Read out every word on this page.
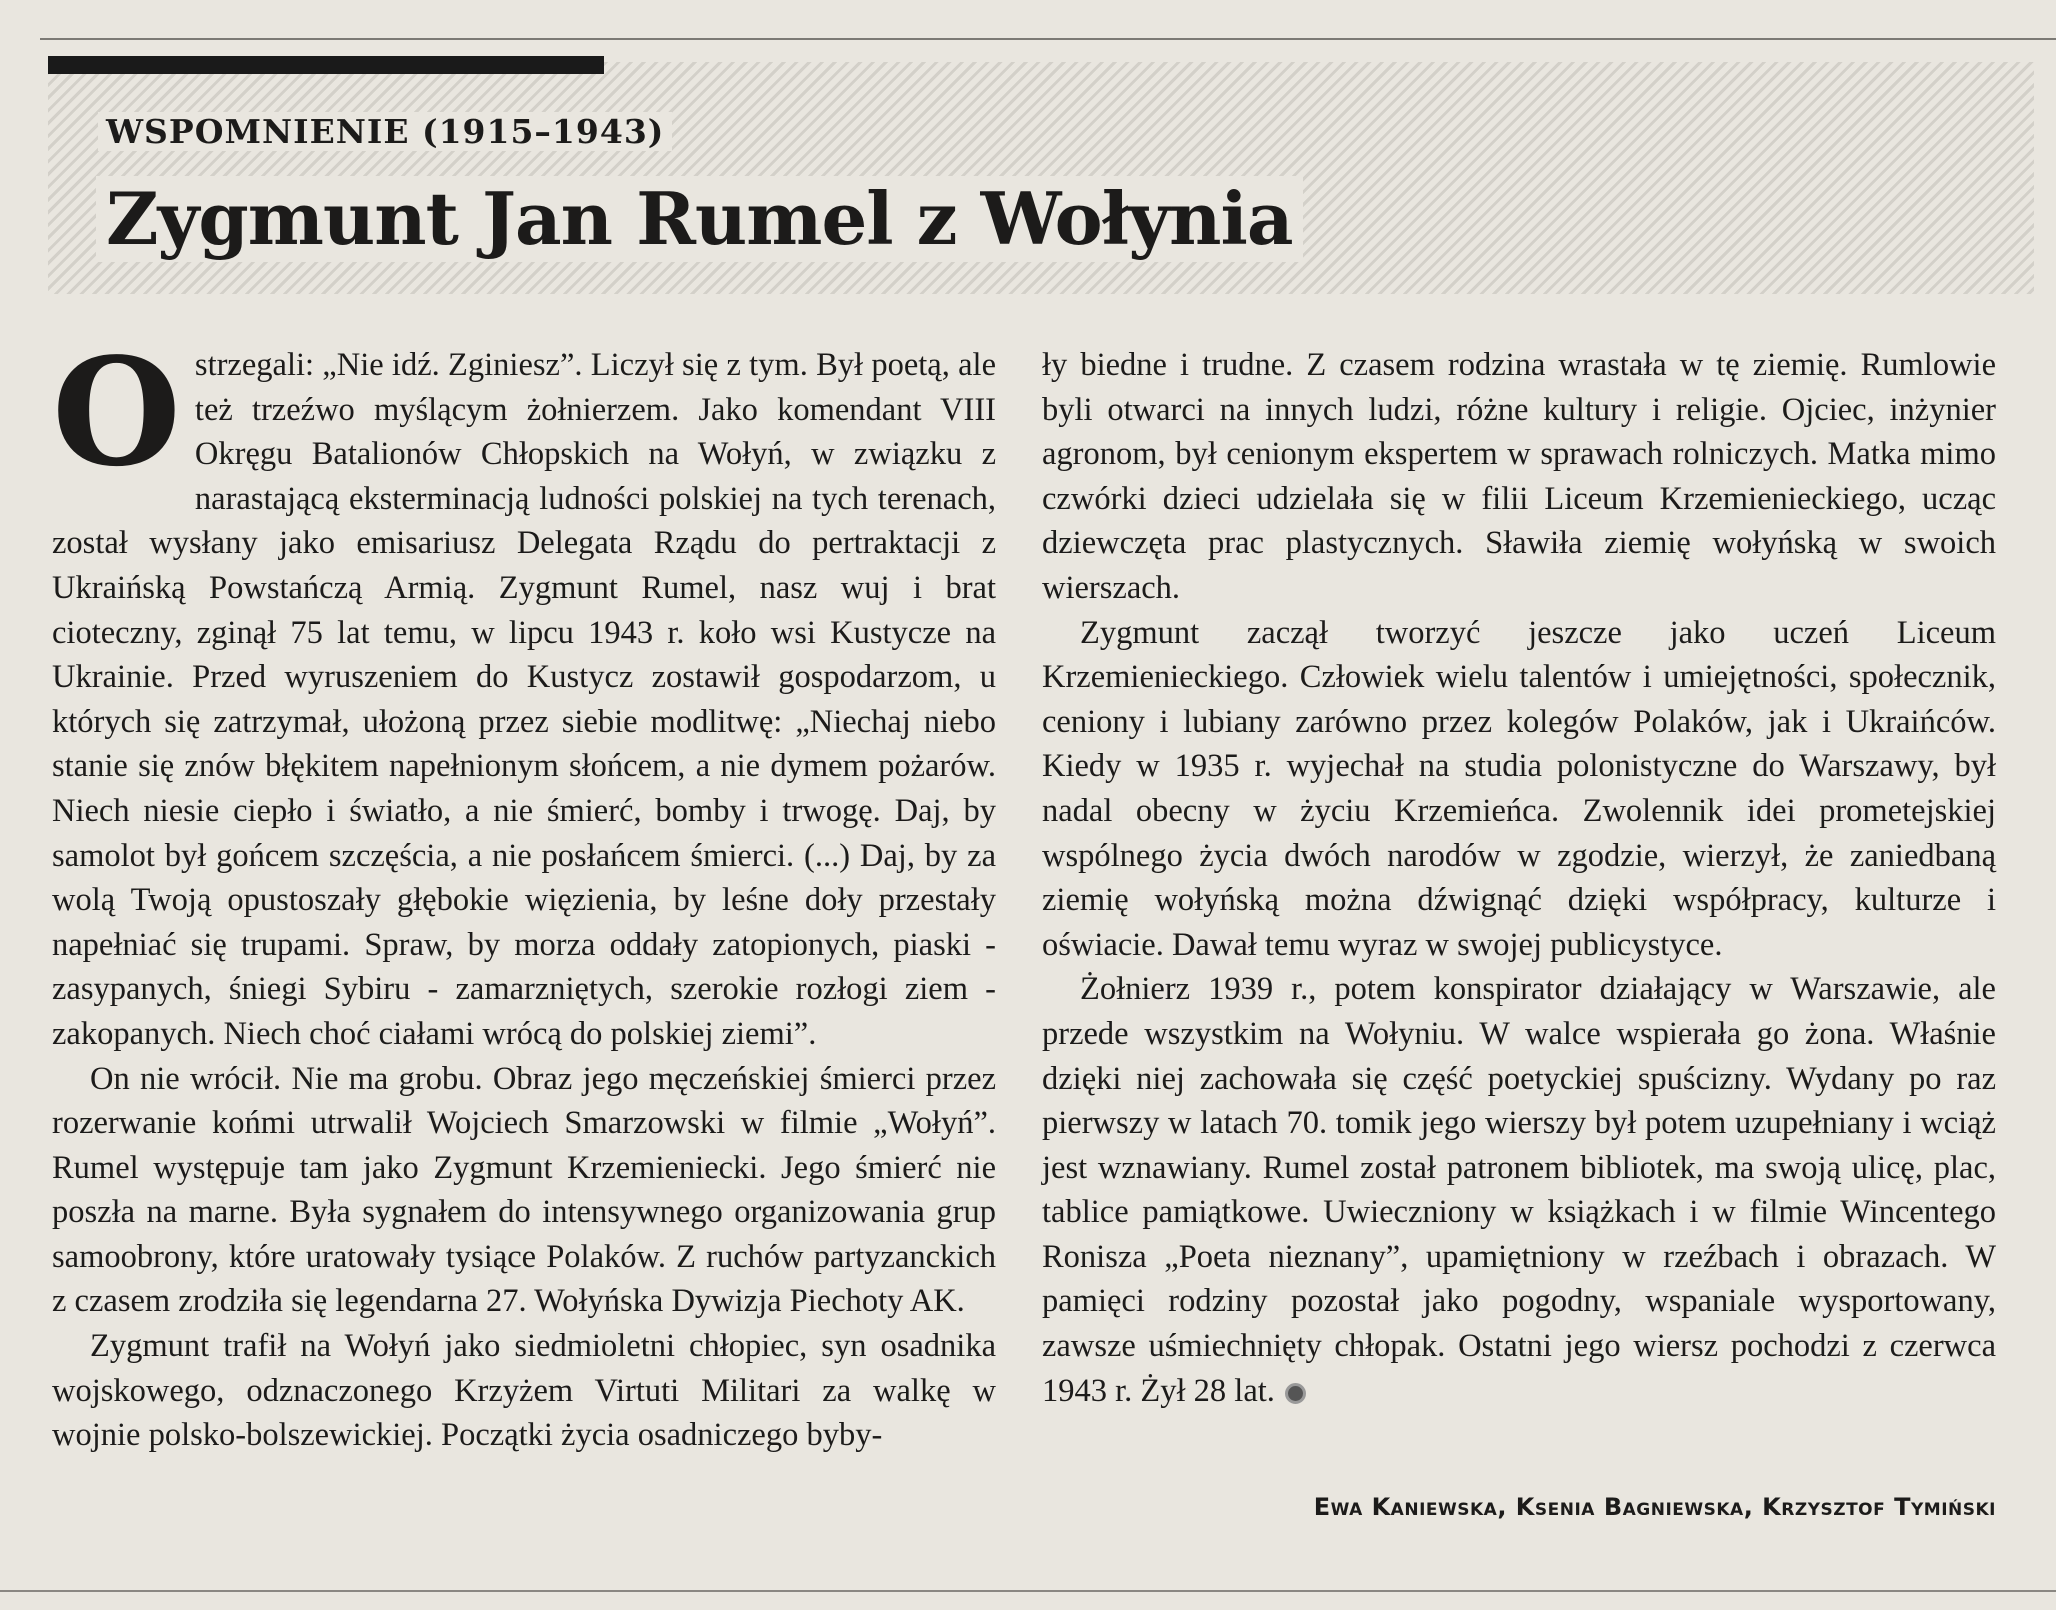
WSPOMNIENIE (1915–1943)
Zygmunt Jan Rumel z Wołynia

O strzegali: „Nie idź. Zginiesz”. Liczył się z tym. Był poetą, ale też trzeźwo myślącym żołnierzem. Jako komendant VIII Okręgu Batalionów Chłopskich na Wołyń, w związku z narastającą eksterminacją ludności polskiej na tych terenach, został wysłany jako emisariusz Delegata Rządu do pertraktacji z Ukraińską Powstańczą Armią. Zygmunt Rumel, nasz wuj i brat cioteczny, zginął 75 lat temu, w lipcu 1943 r. koło wsi Kustycze na Ukrainie. Przed wyruszeniem do Kustycz zostawił gospodarzom, u których się zatrzymał, ułożoną przez siebie modlitwę: „Niechaj niebo stanie się znów błękitem napełnionym słońcem, a nie dymem pożarów. Niech niesie ciepło i światło, a nie śmierć, bomby i trwogę. Daj, by samolot był gońcem szczęścia, a nie posłańcem śmierci. (...) Daj, by za wolą Twoją opustoszały głębokie więzienia, by leśne doły przestały napełniać się trupami. Spraw, by morza oddały zatopionych, piaski - zasypanych, śniegi Sybiru - zamarzniętych, szerokie rozłogi ziem - zakopanych. Niech choć ciałami wrócą do polskiej ziemi”.

On nie wrócił. Nie ma grobu. Obraz jego męczeńskiej śmierci przez rozerwanie końmi utrwalił Wojciech Smarzowski w filmie „Wołyń”. Rumel występuje tam jako Zygmunt Krzemieniecki. Jego śmierć nie poszła na marne. Była sygnałem do intensywnego organizowania grup samoobrony, które uratowały tysiące Polaków. Z ruchów partyzanckich z czasem zrodziła się legendarna 27. Wołyńska Dywizja Piechoty AK.

Zygmunt trafił na Wołyń jako siedmioletni chłopiec, syn osadnika wojskowego, odznaczonego Krzyżem Virtuti Militari za walkę w wojnie polsko-bolszewickiej. Początki życia osadniczego byby-

ły biedne i trudne. Z czasem rodzina wrastała w tę ziemię. Rumlowie byli otwarci na innych ludzi, różne kultury i religie. Ojciec, inżynier agronom, był cenionym ekspertem w sprawach rolniczych. Matka mimo czwórki dzieci udzielała się w filii Liceum Krzemienieckiego, ucząc dziewczęta prac plastycznych. Sławiła ziemię wołyńską w swoich wierszach.

Zygmunt zaczął tworzyć jeszcze jako uczeń Liceum Krzemienieckiego. Człowiek wielu talentów i umiejętności, społecznik, ceniony i lubiany zarówno przez kolegów Polaków, jak i Ukraińców. Kiedy w 1935 r. wyjechał na studia polonistyczne do Warszawy, był nadal obecny w życiu Krzemieńca. Zwolennik idei prometejskiej wspólnego życia dwóch narodów w zgodzie, wierzył, że zaniedbaną ziemię wołyńską można dźwignąć dzięki współpracy, kulturze i oświacie. Dawał temu wyraz w swojej publicystyce.

Żołnierz 1939 r., potem konspirator działający w Warszawie, ale przede wszystkim na Wołyniu. W walce wspierała go żona. Właśnie dzięki niej zachowała się część poetyckiej spuścizny. Wydany po raz pierwszy w latach 70. tomik jego wierszy był potem uzupełniany i wciąż jest wznawiany. Rumel został patronem bibliotek, ma swoją ulicę, plac, tablice pamiątkowe. Uwieczniony w książkach i w filmie Wincentego Ronisza „Poeta nieznany”, upamiętniony w rzeźbach i obrazach. W pamięci rodziny pozostał jako pogodny, wspaniale wysportowany, zawsze uśmiechnięty chłopak. Ostatni jego wiersz pochodzi z czerwca 1943 r. Żył 28 lat.

Ewa Kaniewska, Ksenia Bagniewska, Krzysztof Tymiński
